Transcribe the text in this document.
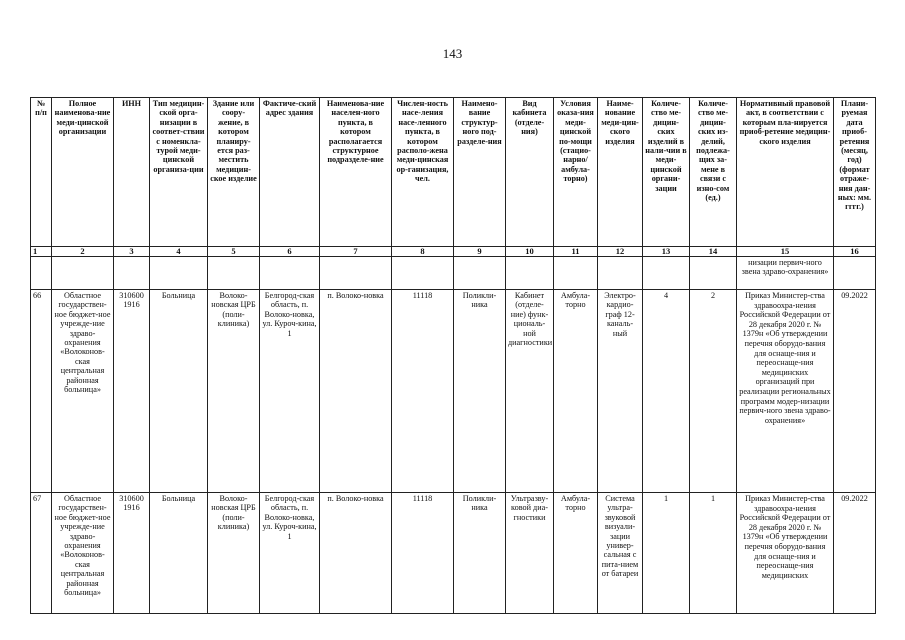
143
№ п/п	Полное наименова-ние меди-цинской организации	ИНН	Тип медицин-ской орга-низации в соответ-ствии с номенкла-турой меди-цинской организа-ции	Здание или соору-жение, в котором планиру-ется раз-местить медицин-ское изделие	Фактиче-ский адрес здания	Наименова-ние населен-ного пункта, в котором располагается структурное подразделе-ние	Числен-ность насе-ления насе-ленного пункта, в котором располо-жена меди-цинская ор-ганизация, чел.	Наимено-вание структур-ного под-разделе-ния	Вид кабинета (отделе-ния)	Условия оказа-ния меди-цинской по-мощи (стацио-нарно/ амбула-торно)	Наиме-нование меди-цин-ского изделия	Количе-ство ме-дицин-ских изделий в нали-чии в меди-цинской органи-зации	Количе-ство ме-дицин-ских из-делий, подлежа-щих за-мене в связи с изно-сом (ед.)	Нормативный правовой акт, в соответствии с которым пла-нируется приоб-ретение медицин-ского изделия	Плани-руемая дата приоб-ретения (месяц, год) (формат отраже-ния дан-ных: мм. гггг.)
1	2	3	4	5	6	7	8	9	10	11	12	13	14	15	16
														низации первич-ного звена здраво-охранения»	
66	Областное государствен-ное бюджет-ное учрежде-ние здраво-охранения «Волоконов-ская центральная районная больница»	310600 1916	Больница	Волоко-новская ЦРБ (поли-клиника)	Белгород-ская область, п. Волоко-новка, ул. Куроч-кина, 1	п. Волоко-новка	11118	Поликли-ника	Кабинет (отделе-ние) функ-циональ-ной диагностики	Амбула-торно	Электро-кардио-граф 12-каналь-ный	4	2	Приказ Министер-ства здравоохра-нения Российской Федерации от 28 декабря 2020 г. № 1379н «Об утверждении перечня оборудо-вания для оснаще-ния и переоснаще-ния медицинских организаций при реализации региональных программ модер-низации первич-ного звена здраво-охранения»	09.2022
67	Областное государствен-ное бюджет-ное учрежде-ние здраво-охранения «Волоконов-ская центральная районная больница»	310600 1916	Больница	Волоко-новская ЦРБ (поли-клиника)	Белгород-ская область, п. Волоко-новка, ул. Куроч-кина, 1	п. Волоко-новка	11118	Поликли-ника	Ультразву-ковой диа-гностики	Амбула-торно	Система ультра-звуковой визуали-зации универ-сальная с пита-нием от батареи	1	1	Приказ Министер-ства здравоохра-нения Российской Федерации от 28 декабря 2020 г. № 1379н «Об утверждении перечня оборудо-вания для оснаще-ния и переоснаще-ния медицинских	09.2022
